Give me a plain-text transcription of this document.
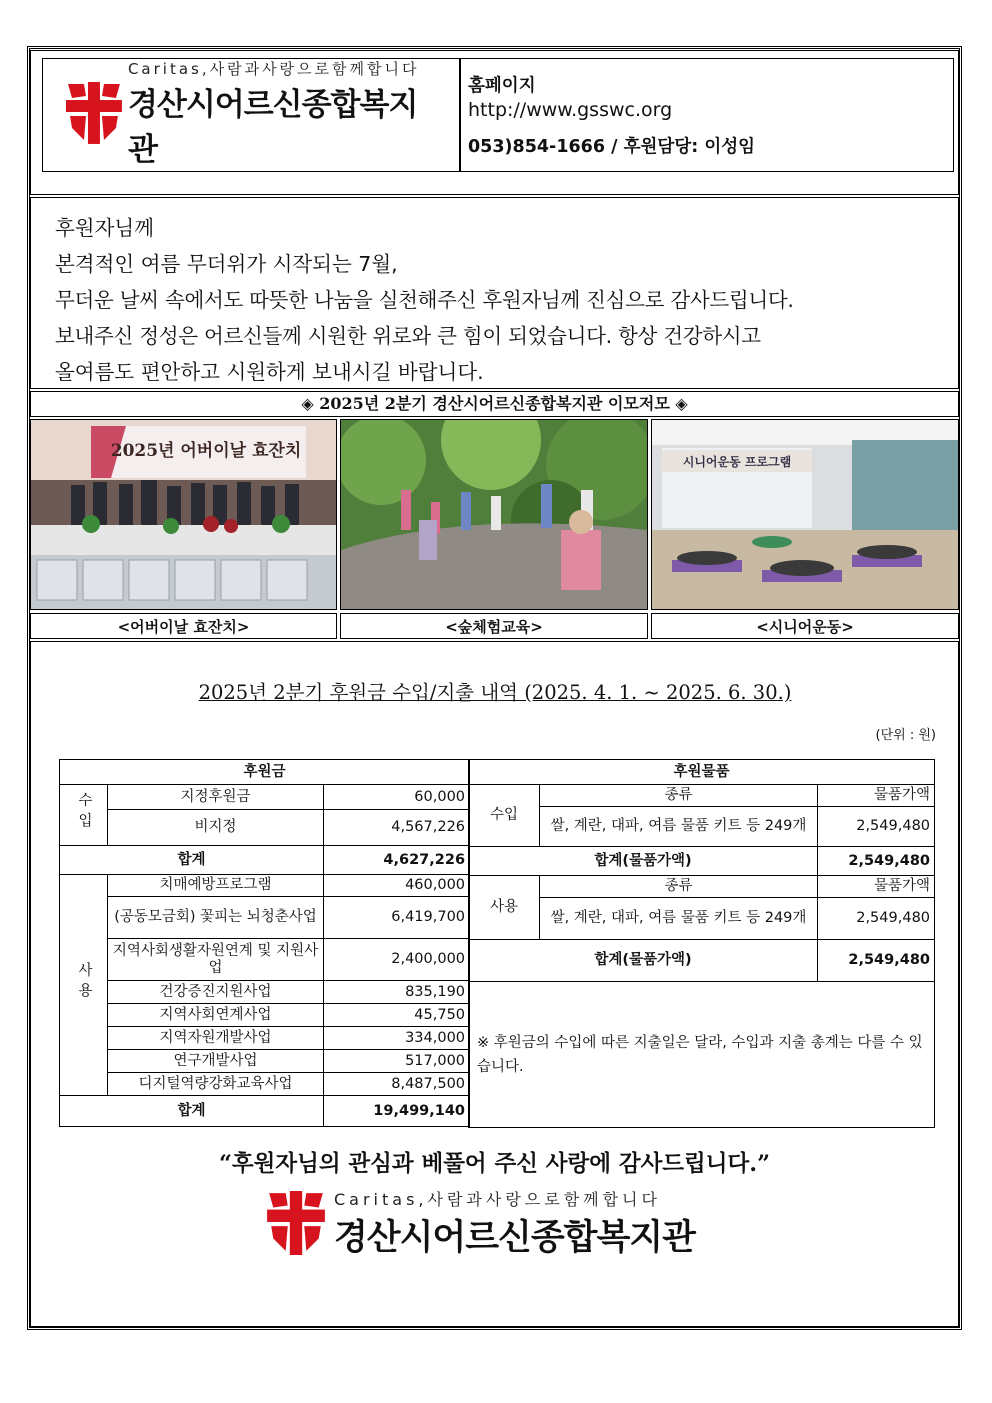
Caritas,사람과사랑으로함께합니다
경산시어르신종합복지관
홈페이지
http://www.gsswc.org
053)854-1666 / 후원담당: 이성임

후원자님께

본격적인 여름 무더위가 시작되는 7월,

무더운 날씨 속에서도 따뜻한 나눔을 실천해주신 후원자님께 진심으로 감사드립니다.

보내주신 정성은 어르신들께 시원한 위로와 큰 힘이 되었습니다. 항상 건강하시고

올여름도 편안하고 시원하게 보내시길 바랍니다.

◈ 2025년 2분기 경산시어르신종합복지관 이모저모 ◈
2025년 어버이날 효잔치
시니어운동 프로그램
<어버이날 효잔치>	<숲체험교육>	<시니어운동>
2025년 2분기 후원금 수입/지출 내역 (2025. 4. 1. ~ 2025. 6. 30.)
(단위 : 원)
후원금		
수입	지정후원금	60,000
	비지정	4,567,226
합계		4,627,226
사용	치매예방프로그램	460,000
	(공동모금회) 꽃피는 뇌청춘사업	6,419,700
	지역사회생활자원연계 및 지원사업	2,400,000
	건강증진지원사업	835,190
	지역사회연계사업	45,750
	지역자원개발사업	334,000
	연구개발사업	517,000
	디지털역량강화교육사업	8,487,500
합계		19,499,140
후원물품		
수입	종류	물품가액
	쌀, 계란, 대파, 여름 물품 키트 등 249개	2,549,480
합계(물품가액)		2,549,480
사용	종류	물품가액
	쌀, 계란, 대파, 여름 물품 키트 등 249개	2,549,480
합계(물품가액)		2,549,480
※ 후원금의 수입에 따른 지출일은 달라, 수입과 지출 총계는 다를 수 있습니다.		
“후원자님의 관심과 베풀어 주신 사랑에 감사드립니다.”
Caritas,사람과사랑으로함께합니다
경산시어르신종합복지관
